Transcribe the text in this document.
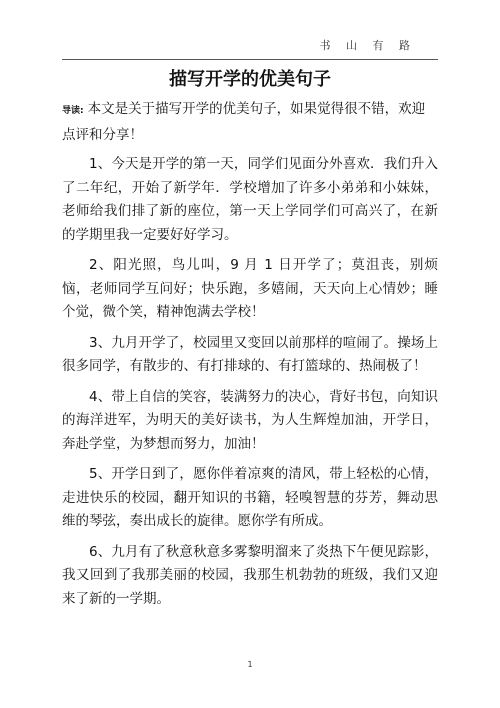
书 山 有 路
描写开学的优美句子

导读: 本文是关于描写开学的优美句子，如果觉得很不错，欢迎点评和分享！

1、今天是开学的第一天，同学们见面分外喜欢．我们升入了二年纪，开始了新学年．学校增加了许多小弟弟和小妹妹，老师给我们排了新的座位，第一天上学同学们可高兴了，在新的学期里我一定要好好学习。

2、阳光照，鸟儿叫，9 月 1 日开学了；莫沮丧，别烦恼，老师同学互问好；快乐跑，多嬉闹，天天向上心情妙；睡个觉，微个笑，精神饱满去学校！

3、九月开学了，校园里又变回以前那样的喧闹了。操场上很多同学，有散步的、有打排球的、有打篮球的、热闹极了！

4、带上自信的笑容，装满努力的决心，背好书包，向知识的海洋进军，为明天的美好读书，为人生辉煌加油，开学日，奔赴学堂，为梦想而努力，加油！

5、开学日到了，愿你伴着凉爽的清风，带上轻松的心情，走进快乐的校园，翻开知识的书籍，轻嗅智慧的芬芳，舞动思维的琴弦，奏出成长的旋律。愿你学有所成。

6、九月有了秋意秋意多雾黎明溜来了炎热下午便见踪影，我又回到了我那美丽的校园，我那生机勃勃的班级，我们又迎来了新的一学期。

1
